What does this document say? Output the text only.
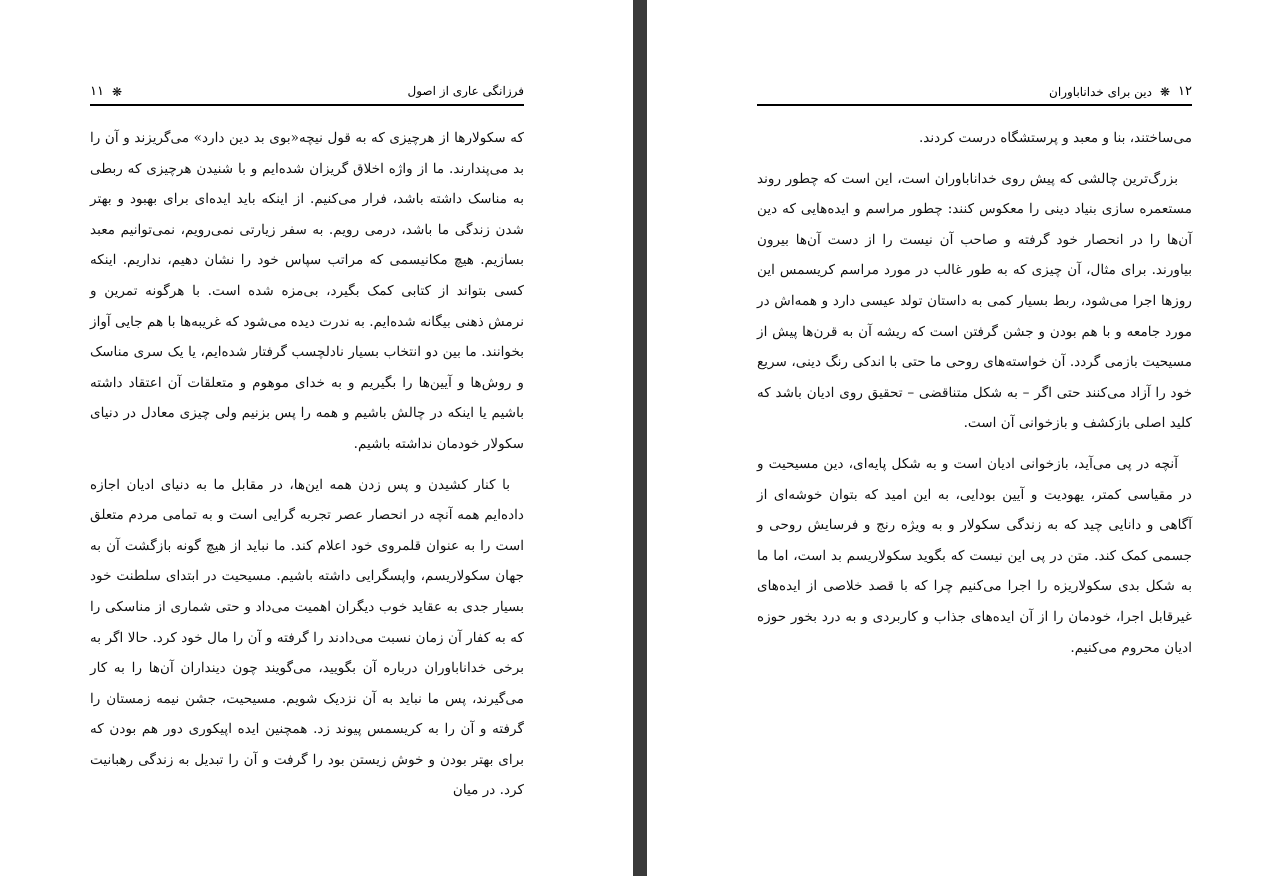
فرزانگی عاری از اصول
❋
۱۱

که سکولارها از هرچیزی که به قول نیچه«بوی بد دین دارد» می‌گریزند و آن را بد می‌پندارند. ما از واژه اخلاق گریزان شده‌ایم و با شنیدن هرچیزی که ربطی به مناسک داشته باشد، فرار می‌کنیم. از اینکه باید ایده‌ای برای بهبود و بهتر شدن زندگی ما باشد، درمی رویم. به سفر زیارتی نمی‌رویم، نمی‌توانیم معبد بسازیم. هیچ مکانیسمی که مراتب سپاس خود را نشان دهیم، نداریم. اینکه کسی بتواند از کتابی کمک بگیرد، بی‌مزه شده است. با هرگونه تمرین و نرمش ذهنی بیگانه شده‌ایم. به ندرت دیده می‌شود که غریبه‌ها با هم جایی آواز بخوانند. ما بین دو انتخاب بسیار نادلچسب گرفتار شده‌ایم، یا یک سری مناسک و روش‌ها و آیین‌ها را بگیریم و به خدای موهوم و متعلقات آن اعتقاد داشته باشیم یا اینکه در چالش باشیم و همه را پس بزنیم ولی چیزی معادل در دنیای سکولار خودمان نداشته باشیم.

با کنار کشیدن و پس زدن همه این‌ها، در مقابل ما به دنیای ادیان اجازه داده‌ایم همه آنچه در انحصار عصر تجربه گرایی است و به تمامی مردم متعلق است را به عنوان قلمروی خود اعلام کند. ما نباید از هیچ گونه بازگشت آن به جهان سکولاریسم، واپسگرایی داشته باشیم. مسیحیت در ابتدای سلطنت خود بسیار جدی به عقاید خوب دیگران اهمیت می‌داد و حتی شماری از مناسکی را که به کفار آن زمان نسبت می‌دادند را گرفته و آن را مال خود کرد. حالا اگر به برخی خداناباوران درباره آن بگویید، می‌گویند چون دینداران آن‌ها را به کار می‌گیرند، پس ما نباید به آن نزدیک شویم. مسیحیت، جشن نیمه زمستان را گرفته و آن را به کریسمس پیوند زد. همچنین ایده اپیکوری دور هم بودن که برای بهتر بودن و خوش زیستن بود را گرفت و آن را تبدیل به زندگی رهبانیت کرد. در میان

۱۲
❋
دین برای خداناباوران

می‌ساختند، بنا و معبد و پرستشگاه درست کردند.

بزرگ‌ترین چالشی که پیش روی خداناباوران است، این است که چطور روند مستعمره سازی بنیاد دینی را معکوس کنند: چطور مراسم و ایده‌هایی که دین آن‌ها را در انحصار خود گرفته و صاحب آن نیست را از دست آن‌ها بیرون بیاورند. برای مثال، آن چیزی که به طور غالب در مورد مراسم کریسمس این روزها اجرا می‌شود، ربط بسیار کمی به داستان تولد عیسی دارد و همه‌اش در مورد جامعه و با هم بودن و جشن گرفتن است که ریشه آن به قرن‌ها پیش از مسیحیت بازمی گردد. آن خواسته‌های روحی ما حتی با اندکی رنگ دینی، سریع خود را آزاد می‌کنند حتی اگر – به شکل متناقضی – تحقیق روی ادیان باشد که کلید اصلی بازکشف و بازخوانی آن است.

آنچه در پی می‌آید، بازخوانی ادیان است و به شکل پایه‌ای، دین مسیحیت و در مقیاسی کمتر، یهودیت و آیین بودایی، به این امید که بتوان خوشه‌ای از آگاهی و دانایی چید که به زندگی سکولار و به ویژه رنج و فرسایش روحی و جسمی کمک کند. متن در پی این نیست که بگوید سکولاریسم بد است، اما ما به شکل بدی سکولاریزه را اجرا می‌کنیم چرا که با قصد خلاصی از ایده‌های غیرقابل اجرا، خودمان را از آن ایده‌های جذاب و کاربردی و به درد بخور حوزه ادیان محروم می‌کنیم.
